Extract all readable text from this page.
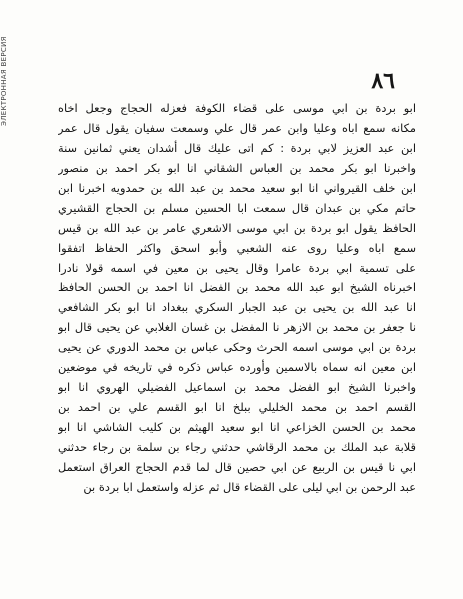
ЭЛЕКТРОННАЯ ВЕРСИЯ	٨٦
ابو بردة بن ابي موسى على قضاء الكوفة فعزله الحجاج وجعل اخاه
مكانه سمع اباه وعليا وابن عمر قال علي وسمعت سفيان يقول قال عمر
ابن عبد العزيز لابي بردة : كم اتى عليك قال أشدان يعني ثمانين سنة
واخبرنا ابو بكر محمد بن العباس الشقاني انا ابو بكر احمد بن منصور
ابن خلف القيرواني انا ابو سعيد محمد بن عبد الله بن حمدويه اخبرنا ابن
حاتم مكي بن عبدان قال سمعت ابا الحسين مسلم بن الحجاج القشيري
الحافظ يقول ابو بردة بن ابي موسى الاشعري عامر بن عبد الله بن قيس
سمع اباه وعليا روى عنه الشعبي وأبو اسحق واكثر الحفاظ اتفقوا
على تسمية ابي بردة عامرا وقال يحيى بن معين في اسمه قولا نادرا
اخبرناه الشيخ ابو عبد الله محمد بن الفضل انا احمد بن الحسن الحافظ
انا عبد الله بن يحيى بن عبد الجبار السكري ببغداد انا ابو بكر الشافعي
نا جعفر بن محمد بن الازهر نا المفضل بن غسان الغلابي عن يحيى قال ابو
بردة بن ابي موسى اسمه الحرث وحكى عباس بن محمد الدوري عن يحيى
ابن معين انه سماه بالاسمين وأورده عباس ذكره في تاريخه في موضعين
واخبرنا الشيخ ابو الفضل محمد بن اسماعيل الفضيلي الهروي انا ابو
القسم احمد بن محمد الخليلي ببلخ انا ابو القسم علي بن احمد بن
محمد بن الحسن الخزاعي انا ابو سعيد الهيثم بن كليب الشاشي انا ابو
قلابة عبد الملك بن محمد الرقاشي حدثني رجاء بن سلمة بن رجاء حدثني
ابي نا قيس بن الربيع عن ابي حصين قال لما قدم الحجاج العراق استعمل
عبد الرحمن بن ابي ليلى على القضاء قال ثم عزله واستعمل ابا بردة بن
